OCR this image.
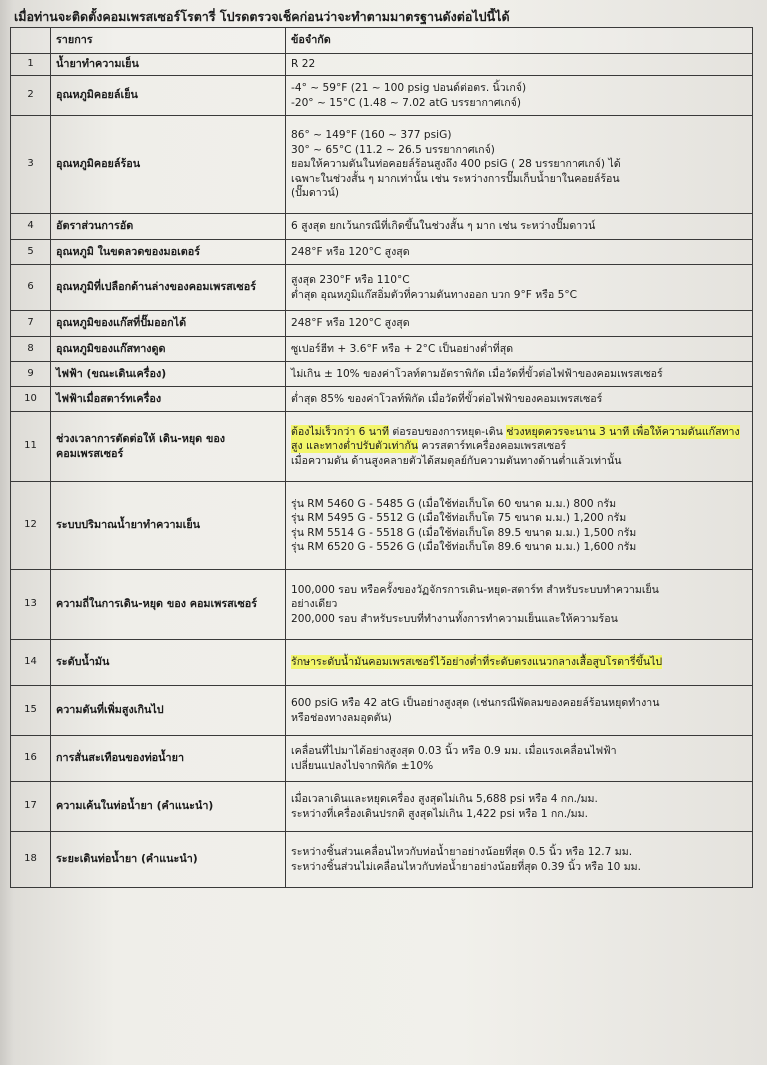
เมื่อท่านจะติดตั้งคอมเพรสเซอร์โรตารี่ โปรดตรวจเช็คก่อนว่าจะทำตามมาตรฐานดังต่อไปนี้ได้
	รายการ	ข้อจำกัด
1	น้ำยาทำความเย็น	R 22

2	อุณหภูมิคอยล์เย็น	-4° ~ 59°F (21 ~ 100 psig ปอนด์ต่อตร. นิ้วเกจ์)
-20° ~ 15°C (1.48 ~ 7.02 atG บรรยากาศเกจ์)

3	อุณหภูมิคอยล์ร้อน	86° ~ 149°F (160 ~ 377 psiG)
30° ~ 65°C (11.2 ~ 26.5 บรรยากาศเกจ์)
ยอมให้ความดันในท่อคอยล์ร้อนสูงถึง 400 psiG ( 28 บรรยากาศเกจ์) ได้
เฉพาะในช่วงสั้น ๆ มากเท่านั้น เช่น ระหว่างการปั๊มเก็บน้ำยาในคอยล์ร้อน
(ปั๊มดาวน์)

4	อัตราส่วนการอัด	6 สูงสุด ยกเว้นกรณีที่เกิดขึ้นในช่วงสั้น ๆ มาก เช่น ระหว่างปั๊มดาวน์

5	อุณหภูมิ ในขดลวดของมอเตอร์	248°F หรือ 120°C สูงสุด

6	อุณหภูมิที่เปลือกด้านล่างของคอมเพรสเซอร์	สูงสุด 230°F หรือ 110°C
ต่ำสุด อุณหภูมิแก๊สอิ่มตัวที่ความดันทางออก บวก 9°F หรือ 5°C

7	อุณหภูมิของแก๊สที่ปั๊มออกได้	248°F หรือ 120°C สูงสุด

8	อุณหภูมิของแก๊สทางดูด	ซูเปอร์ฮีท + 3.6°F หรือ + 2°C เป็นอย่างต่ำที่สุด

9	ไฟฟ้า (ขณะเดินเครื่อง)	ไม่เกิน ± 10% ของค่าโวลท์ตามอัตราพิกัด เมื่อวัดที่ขั้วต่อไฟฟ้าของคอมเพรสเซอร์

10	ไฟฟ้าเมื่อสตาร์ทเครื่อง	ต่ำสุด 85% ของค่าโวลท์พิกัด เมื่อวัดที่ขั้วต่อไฟฟ้าของคอมเพรสเซอร์

11	ช่วงเวลาการตัดต่อให้ เดิน-หยุด ของ คอมเพรสเซอร์	ต้องไม่เร็วกว่า 6 นาที ต่อรอบของการหยุด-เดิน ช่วงหยุดควรจะนาน 3 นาที เพื่อให้ความดันแก๊สทางสูง และทางต่ำปรับตัวเท่ากัน ควรสตาร์ทเครื่องคอมเพรสเซอร์
เมื่อความดัน ด้านสูงคลายตัวได้สมดุลย์กับความดันทางด้านต่ำแล้วเท่านั้น

12	ระบบปริมาณน้ำยาทำความเย็น	รุ่น RM 5460 G - 5485 G (เมื่อใช้ท่อเก็บโต 60 ขนาด ม.ม.) 800 กรัม
รุ่น RM 5495 G - 5512 G (เมื่อใช้ท่อเก็บโต 75 ขนาด ม.ม.) 1,200 กรัม
รุ่น RM 5514 G - 5518 G (เมื่อใช้ท่อเก็บโต 89.5 ขนาด ม.ม.) 1,500 กรัม
รุ่น RM 6520 G - 5526 G (เมื่อใช้ท่อเก็บโต 89.6 ขนาด ม.ม.) 1,600 กรัม

13	ความถี่ในการเดิน-หยุด ของ คอมเพรสเซอร์	100,000 รอบ หรือครั้งของวัฏจักรการเดิน-หยุด-สตาร์ท สำหรับระบบทำความเย็น
อย่างเดียว
200,000 รอบ สำหรับระบบที่ทำงานทั้งการทำความเย็นและให้ความร้อน

14	ระดับน้ำมัน	รักษาระดับน้ำมันคอมเพรสเซอร์ไว้อย่างต่ำที่ระดับตรงแนวกลางเสื้อสูบโรตารี่ขึ้นไป

15	ความดันที่เพิ่มสูงเกินไป	600 psiG หรือ 42 atG เป็นอย่างสูงสุด (เช่นกรณีพัดลมของคอยล์ร้อนหยุดทำงาน
หรือช่องทางลมอุดตัน)

16	การสั่นสะเทือนของท่อน้ำยา	เคลื่อนที่ไปมาได้อย่างสูงสุด 0.03 นิ้ว หรือ 0.9 มม. เมื่อแรงเคลื่อนไฟฟ้า
เปลี่ยนแปลงไปจากพิกัด ±10%

17	ความเค้นในท่อน้ำยา (คำแนะนำ)	เมื่อเวลาเดินและหยุดเครื่อง สูงสุดไม่เกิน 5,688 psi หรือ 4 กก./มม.
ระหว่างที่เครื่องเดินปรกติ สูงสุดไม่เกิน 1,422 psi หรือ 1 กก./มม.

18	ระยะเดินท่อน้ำยา (คำแนะนำ)	ระหว่างชิ้นส่วนเคลื่อนไหวกับท่อน้ำยาอย่างน้อยที่สุด 0.5 นิ้ว หรือ 12.7 มม.
ระหว่างชิ้นส่วนไม่เคลื่อนไหวกับท่อน้ำยาอย่างน้อยที่สุด 0.39 นิ้ว หรือ 10 มม.
